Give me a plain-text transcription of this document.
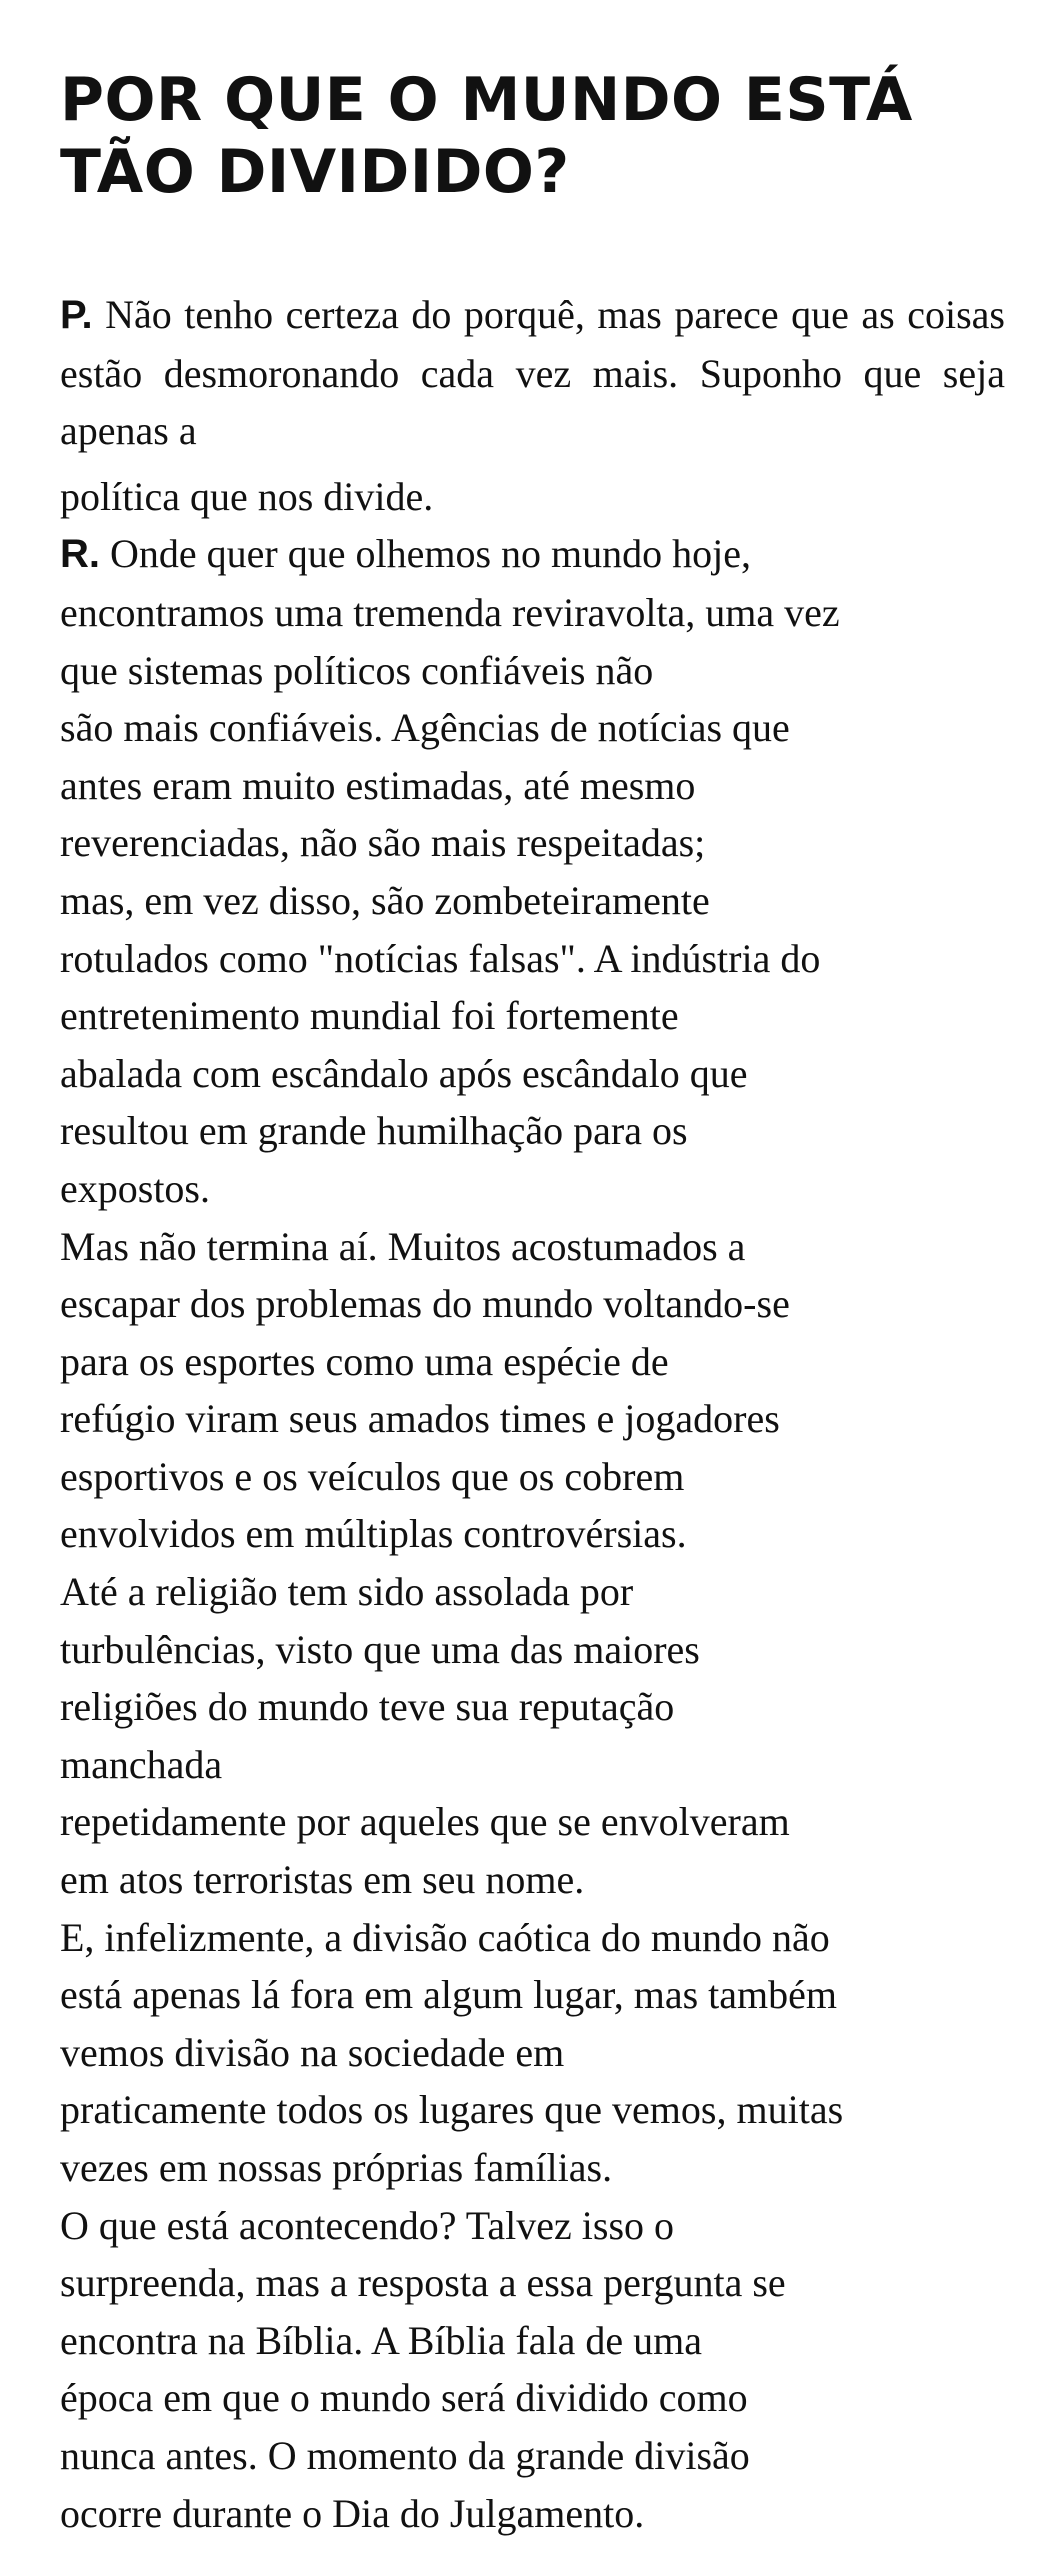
POR QUE O MUNDO ESTÁ
TÃO DIVIDIDO?

P. Não tenho certeza do porquê, mas parece que as coisas estão desmoronando cada vez mais. Suponho que seja apenas a

política que nos divide.

R. Onde quer que olhemos no mundo hoje,

encontramos uma tremenda reviravolta, uma vez

que sistemas políticos confiáveis não

são mais confiáveis. Agências de notícias que

antes eram muito estimadas, até mesmo

reverenciadas, não são mais respeitadas;

mas, em vez disso, são zombeteiramente

rotulados como "notícias falsas". A indústria do

entretenimento mundial foi fortemente

abalada com escândalo após escândalo que

resultou em grande humilhação para os

expostos.

Mas não termina aí. Muitos acostumados a

escapar dos problemas do mundo voltando-se

para os esportes como uma espécie de

refúgio viram seus amados times e jogadores

esportivos e os veículos que os cobrem

envolvidos em múltiplas controvérsias.

Até a religião tem sido assolada por

turbulências, visto que uma das maiores

religiões do mundo teve sua reputação

manchada

repetidamente por aqueles que se envolveram

em atos terroristas em seu nome.

E, infelizmente, a divisão caótica do mundo não

está apenas lá fora em algum lugar, mas também

vemos divisão na sociedade em

praticamente todos os lugares que vemos, muitas

vezes em nossas próprias famílias.

O que está acontecendo? Talvez isso o

surpreenda, mas a resposta a essa pergunta se

encontra na Bíblia. A Bíblia fala de uma

época em que o mundo será dividido como

nunca antes. O momento da grande divisão

ocorre durante o Dia do Julgamento.
